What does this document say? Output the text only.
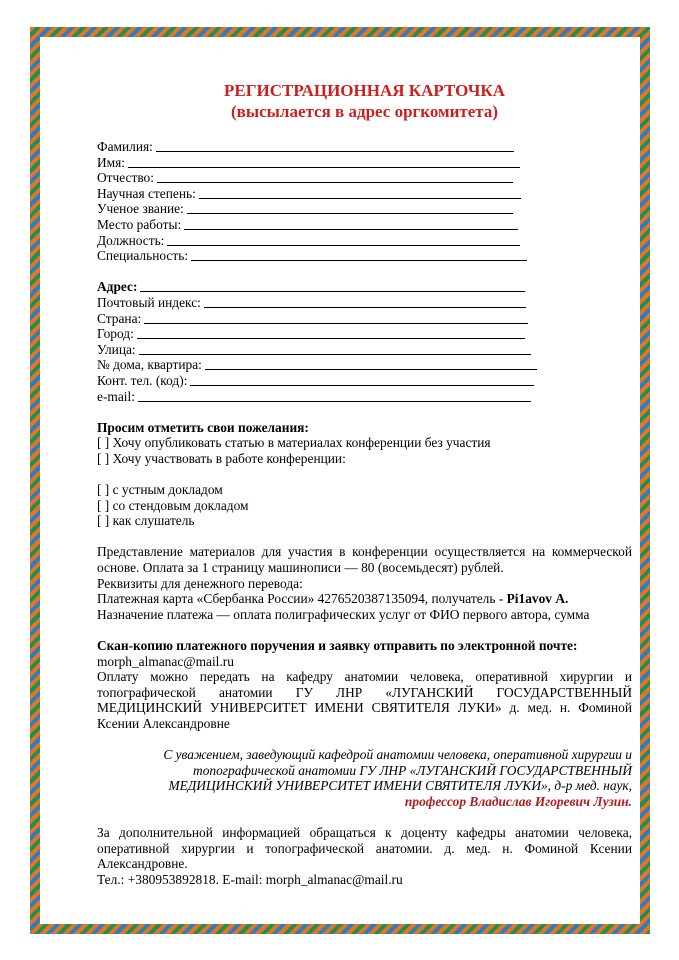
РЕГИСТРАЦИОННАЯ КАРТОЧКА
(высылается в адрес оргкомитета)
Фамилия:
Имя:
Отчество:
Научная степень:
Ученое звание:
Место работы:
Должность:
Специальность:
Адрес:
Почтовый индекс:
Страна:
Город:
Улица:
№ дома, квартира:
Конт. тел. (код):
e-mail:
Просим отметить свои пожелания:
[ ] Хочу опубликовать статью в материалах конференции без участия
[ ] Хочу участвовать в работе конференции:
[ ] с устным докладом
[ ] со стендовым докладом
[ ] как слушатель
Представление материалов для участия в конференции осуществляется на коммерческой основе. Оплата за 1 страницу машинописи — 80 (восемьдесят) рублей.
Реквизиты для денежного перевода:
Платежная карта «Сбербанка России» 4276520387135094, получатель - Pi1avov А.
Назначение платежа — оплата полиграфических услуг от ФИО первого автора, сумма
Скан-копию платежного поручения и заявку отправить по электронной почте:
morph_almanac@mail.ru
Оплату можно передать на кафедру анатомии человека, оперативной хирургии и топографической анатомии ГУ ЛНР «ЛУГАНСКИЙ ГОСУДАРСТВЕННЫЙ МЕДИЦИНСКИЙ УНИВЕРСИТЕТ ИМЕНИ СВЯТИТЕЛЯ ЛУКИ» д. мед. н. Фоминой Ксении Александровне
С уважением, заведующий кафедрой анатомии человека, оперативной хирургии и топографической анатомии ГУ ЛНР «ЛУГАНСКИЙ ГОСУДАРСТВЕННЫЙ МЕДИЦИНСКИЙ УНИВЕРСИТЕТ ИМЕНИ СВЯТИТЕЛЯ ЛУКИ», д-р мед. наук,
профессор Владислав Игоревич Лузин.
За дополнительной информацией обращаться к доценту кафедры анатомии человека, оперативной хирургии и топографической анатомии. д. мед. н. Фоминой Ксении Александровне.
Тел.: +380953892818. E-mail: morph_almanac@mail.ru
